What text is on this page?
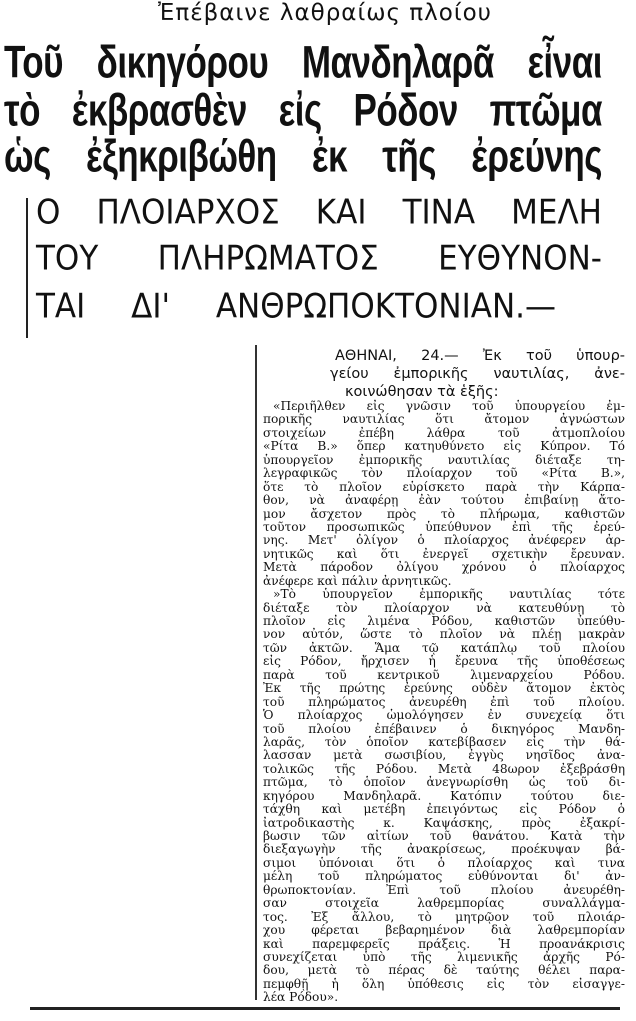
Ἐπέβαινε λαθραίως πλοίου
Τοῦ δικηγόρου Μανδηλαρᾶ εἶναι
τὸ ἐκβρασθὲν εἰς Ρόδον πτῶμα
ὡς ἐξηκριβώθη ἐκ τῆς ἐρεύνης
Ο ΠΛΟΙΑΡΧΟΣ ΚΑΙ ΤΙΝΑ ΜΕΛΗ
ΤΟΥ ΠΛΗΡΩΜΑΤΟΣ ΕΥΘΥΝΟΝ-
ΤΑΙ ΔΙ' ΑΝΘΡΩΠΟΚΤΟΝΙΑΝ.—
ΑΘΗΝΑΙ, 24.— Ἐκ τοῦ ὑπουρ-
γείου ἐμπορικῆς ναυτιλίας, ἀνε-
κοινώθησαν τὰ ἑξῆς:
«Περιῆλθεν εἰς γνῶσιν τοῦ ὑπουργείου ἐμ-
πορικῆς ναυτιλίας ὅτι ἄτομον ἀγνώστων
στοιχείων ἐπέβη λάθρα τοῦ ἀτμοπλοίου
«Ρίτα Β.» ὅπερ κατηυθύνετο εἰς Κύπρον. Τό
ὑπουργεῖον ἐμπορικῆς ναυτιλίας διέταξε τη-
λεγραφικῶς τὸν πλοίαρχον τοῦ «Ρίτα Β.»,
ὅτε τὸ πλοῖον εὑρίσκετο παρὰ τὴν Κάρπα-
θον, νὰ ἀναφέρῃ ἐὰν τούτου ἐπιβαίνῃ ἄτο-
μον ἄσχετον πρὸς τὸ πλήρωμα, καθιστῶν
τοῦτον προσωπικῶς ὑπεύθυνον ἐπὶ τῆς ἐρεύ-
νης. Μετ' ὀλίγον ὁ πλοίαρχος ἀνέφερεν ἀρ-
νητικῶς καὶ ὅτι ἐνεργεῖ σχετικὴν ἔρευναν.
Μετὰ πάροδον ὀλίγου χρόνου ὁ πλοίαρχος
ἀνέφερε καὶ πάλιν ἀρνητικῶς.
»Τὸ ὑπουργεῖον ἐμπορικῆς ναυτιλίας τότε
διέταξε τὸν πλοίαρχον νὰ κατευθύνῃ τὸ
πλοῖον εἰς λιμένα Ρόδου, καθιστῶν ὑπεύθυ-
νον αὐτόν, ὥστε τὸ πλοῖον νὰ πλέῃ μακρὰν
τῶν ἀκτῶν. Ἅμα τῷ κατάπλῳ τοῦ πλοίου
εἰς Ρόδον, ἤρχισεν ἡ ἔρευνα τῆς ὑποθέσεως
παρὰ τοῦ κεντρικοῦ λιμεναρχείου Ρόδου.
Ἐκ τῆς πρώτης ἐρεύνης οὐδὲν ἄτομον ἐκτὸς
τοῦ πληρώματος ἀνευρέθη ἐπὶ τοῦ πλοίου.
Ὁ πλοίαρχος ὡμολόγησεν ἐν συνεχείᾳ ὅτι
τοῦ πλοίου ἐπέβαινεν ὁ δικηγόρος Μανδη-
λαρᾶς, τὸν ὁποῖον κατεβίβασεν εἰς τὴν θά-
λασσαν μετὰ σωσιβίου, ἐγγὺς νησῖδος ἀνα-
τολικῶς τῆς Ρόδου. Μετὰ 48ωρον ἐξεβράσθη
πτῶμα, τὸ ὁποῖον ἀνεγνωρίσθη ὡς τοῦ δι-
κηγόρου Μανδηλαρᾶ. Κατόπιν τούτου διε-
τάχθη καὶ μετέβη ἐπειγόντως εἰς Ρόδον ὁ
ἰατροδικαστὴς κ. Καψάσκης, πρὸς ἐξακρί-
βωσιν τῶν αἰτίων τοῦ θανάτου. Κατὰ τὴν
διεξαγωγὴν τῆς ἀνακρίσεως, προέκυψαν βά-
σιμοι ὑπόνοιαι ὅτι ὁ πλοίαρχος καὶ τινα
μέλη τοῦ πληρώματος εὐθύνονται δι' ἀν-
θρωποκτονίαν. Ἐπὶ τοῦ πλοίου ἀνευρέθη-
σαν στοιχεῖα λαθρεμπορίας συναλλάγμα-
τος. Ἐξ ἄλλου, τὸ μητρῷον τοῦ πλοιάρ-
χου φέρεται βεβαρημένον διὰ λαθρεμπορίαν
καὶ παρεμφερεῖς πράξεις. Ἡ προανάκρισις
συνεχίζεται ὑπὸ τῆς λιμενικῆς ἀρχῆς Ρό-
δου, μετὰ τὸ πέρας δὲ ταύτης θέλει παρα-
πεμφθῇ ἡ ὅλη ὑπόθεσις εἰς τὸν εἰσαγγε-
λέα Ρόδου».
